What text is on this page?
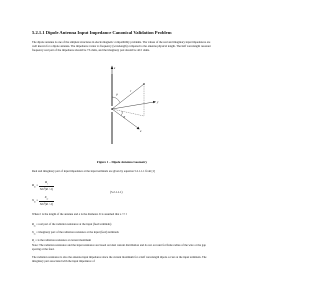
5.2.1.1 Dipole Antenna Input Impedance Canonical Validation Problem
The dipole antenna is one of the simplest structures in electromagnetic compatibility problems. The values of the real and imaginary input impedances are well known for a dipole antenna. The impedance varies vs frequency (wavelength) compared to the antenna physical length. The half wavelength resonant frequency real part of the impedance should be 73 ohms, and the imaginary part should be 42.5 ohms.
z
y
x
r
θ
φ
Figure 1 – Dipole Antenna Geometry
Real and imaginary part of input impedance at the input terminals are given by equation 5.2.1.1.1 from [1]
$R_{in} = \frac{R_r}{\text{Sin²(kl / 2)}}$
(5.2.1.1.1)
$X_{in} = \frac{X_m}{\text{Sin²(kl / 2)}}$
Where l is the length of the antenna and a is the diameter. It is assumed that a << l
$R_{in}$ = real part of the radiation resistance at the input (feed terminals)
$X_{in}$ = imaginary part of the radiation resistance at the input (feed) terminals
$R_r$ = is the radiation resistance at current maximum
Note: The radiation resistance and the input resistance are based on ideal current distribution and do not account for finite radius of the wire or the gap spacing at the feed.
The radiation resistance is also the antenna input impedance since the current maximum for a half wavelength dipole occurs at the input terminals. The imaginary part associated with the input impedance of
